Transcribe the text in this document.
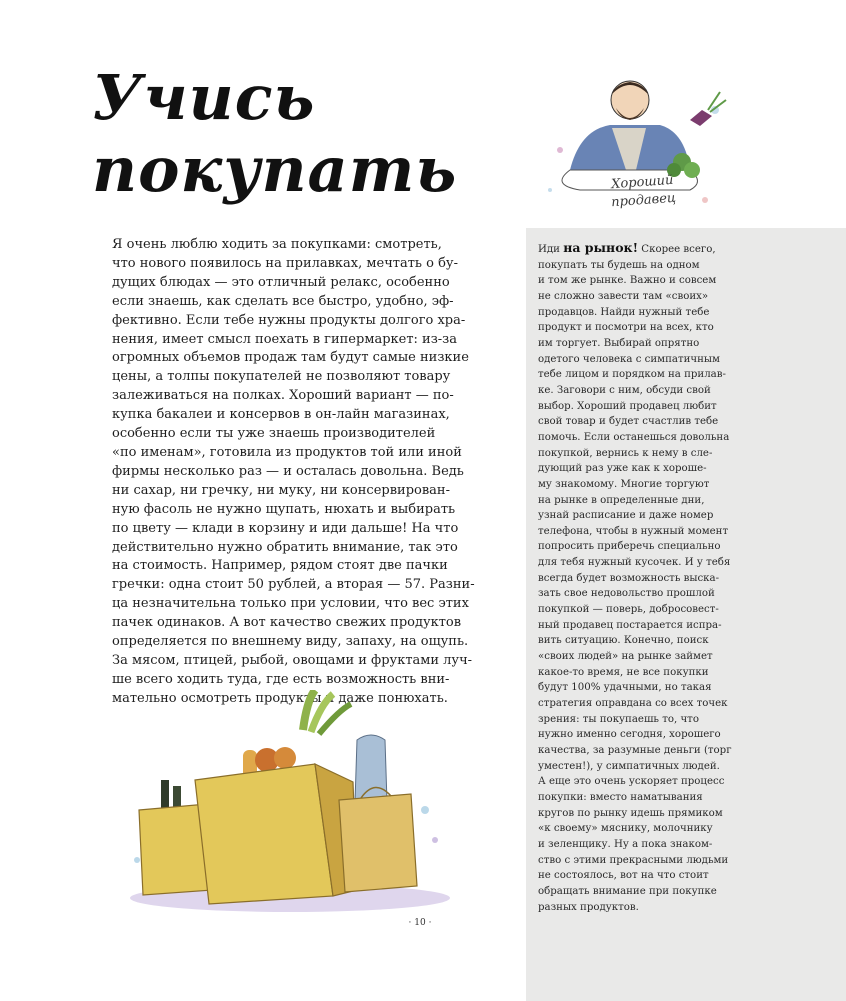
Учись
покупать	Хороший
продавец
Я очень люблю ходить за покупками: смотреть,
что нового появилось на прилавках, мечтать о бу-
дущих блюдах — это отличный релакс, особенно
если знаешь, как сделать все быстро, удобно, эф-
фективно. Если тебе нужны продукты долгого хра-
нения, имеет смысл поехать в гипермаркет: из-за
огромных объемов продаж там будут самые низкие
цены, а толпы покупателей не позволяют товару
залеживаться на полках. Хороший вариант — по-
купка бакалеи и консервов в он-лайн магазинах,
особенно если ты уже знаешь производителей
«по именам», готовила из продуктов той или иной
фирмы несколько раз — и осталась довольна. Ведь
ни сахар, ни гречку, ни муку, ни консервирован-
ную фасоль не нужно щупать, нюхать и выбирать
по цвету — клади в корзину и иди дальше! На что
действительно нужно обратить внимание, так это
на стоимость. Например, рядом стоят две пачки
гречки: одна стоит 50 рублей, а вторая — 57. Разни-
ца незначительна только при условии, что вес этих
пачек одинаков. А вот качество свежих продуктов
определяется по внешнему виду, запаху, на ощупь.
За мясом, птицей, рыбой, овощами и фруктами луч-
ше всего ходить туда, где есть возможность вни-
мательно осмотреть продукты и даже понюхать.
Иди на рынок! Скорее всего,
покупать ты будешь на одном
и том же рынке. Важно и совсем
не сложно завести там «своих»
продавцов. Найди нужный тебе
продукт и посмотри на всех, кто
им торгует. Выбирай опрятно
одетого человека с симпатичным
тебе лицом и порядком на прилав-
ке. Заговори с ним, обсуди свой
выбор. Хороший продавец любит
свой товар и будет счастлив тебе
помочь. Если останешься довольна
покупкой, вернись к нему в сле-
дующий раз уже как к хороше-
му знакомому. Многие торгуют
на рынке в определенные дни,
узнай расписание и даже номер
телефона, чтобы в нужный момент
попросить приберечь специально
для тебя нужный кусочек. И у тебя
всегда будет возможность выска-
зать свое недовольство прошлой
покупкой — поверь, добросовест-
ный продавец постарается испра-
вить ситуацию. Конечно, поиск
«своих людей» на рынке займет
какое-то время, не все покупки
будут 100% удачными, но такая
стратегия оправдана со всех точек
зрения: ты покупаешь то, что
нужно именно сегодня, хорошего
качества, за разумные деньги (торг
уместен!), у симпатичных людей.
А еще это очень ускоряет процесс
покупки: вместо наматывания
кругов по рынку идешь прямиком
«к своему» мяснику, молочнику
и зеленщику. Ну а пока знаком-
ство с этими прекрасными людьми
не состоялось, вот на что стоит
обращать внимание при покупке
разных продуктов.
· 10 ·
